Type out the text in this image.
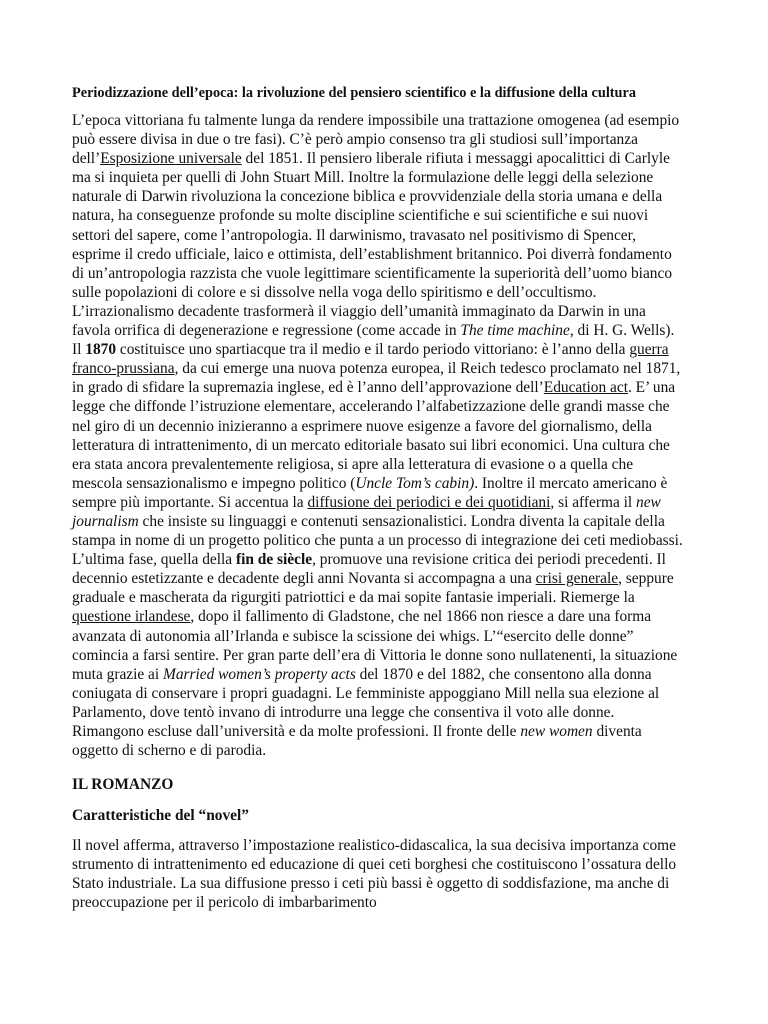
Periodizzazione dell’epoca: la rivoluzione del pensiero scientifico e la diffusione della cultura

L’epoca vittoriana fu talmente lunga da rendere impossibile una trattazione omogenea (ad esempio può essere divisa in due o tre fasi). C’è però ampio consenso tra gli studiosi sull’importanza dell’Esposizione universale del 1851. Il pensiero liberale rifiuta i messaggi apocalittici di Carlyle ma si inquieta per quelli di John Stuart Mill. Inoltre la formulazione delle leggi della selezione naturale di Darwin rivoluziona la concezione biblica e provvidenziale della storia umana e della natura, ha conseguenze profonde su molte discipline scientifiche e sui scientifiche e sui nuovi settori del sapere, come l’antropologia. Il darwinismo, travasato nel positivismo di Spencer, esprime il credo ufficiale, laico e ottimista, dell’establishment britannico. Poi diverrà fondamento di un’antropologia razzista che vuole legittimare scientificamente la superiorità dell’uomo bianco sulle popolazioni di colore e si dissolve nella voga dello spiritismo e dell’occultismo. L’irrazionalismo decadente trasformerà il viaggio dell’umanità immaginato da Darwin in una favola orrifica di degenerazione e regressione (come accade in The time machine, di H. G. Wells). Il 1870 costituisce uno spartiacque tra il medio e il tardo periodo vittoriano: è l’anno della guerra franco-prussiana, da cui emerge una nuova potenza europea, il Reich tedesco proclamato nel 1871, in grado di sfidare la supremazia inglese, ed è l’anno dell’approvazione dell’Education act. E’ una legge che diffonde l’istruzione elementare, accelerando l’alfabetizzazione delle grandi masse che nel giro di un decennio inizieranno a esprimere nuove esigenze a favore del giornalismo, della letteratura di intrattenimento, di un mercato editoriale basato sui libri economici. Una cultura che era stata ancora prevalentemente religiosa, si apre alla letteratura di evasione o a quella che mescola sensazionalismo e impegno politico (Uncle Tom’s cabin). Inoltre il mercato americano è sempre più importante. Si accentua la diffusione dei periodici e dei quotidiani, si afferma il new journalism che insiste su linguaggi e contenuti sensazionalistici. Londra diventa la capitale della stampa in nome di un progetto politico che punta a un processo di integrazione dei ceti mediobassi.

L’ultima fase, quella della fin de siècle, promuove una revisione critica dei periodi precedenti. Il decennio estetizzante e decadente degli anni Novanta si accompagna a una crisi generale, seppure graduale e mascherata da rigurgiti patriottici e da mai sopite fantasie imperiali. Riemerge la questione irlandese, dopo il fallimento di Gladstone, che nel 1866 non riesce a dare una forma avanzata di autonomia all’Irlanda e subisce la scissione dei whigs. L’“esercito delle donne” comincia a farsi sentire. Per gran parte dell’era di Vittoria le donne sono nullatenenti, la situazione muta grazie ai Married women’s property acts del 1870 e del 1882, che consentono alla donna coniugata di conservare i propri guadagni. Le femministe appoggiano Mill nella sua elezione al Parlamento, dove tentò invano di introdurre una legge che consentiva il voto alle donne. Rimangono escluse dall’università e da molte professioni. Il fronte delle new women diventa oggetto di scherno e di parodia.

IL ROMANZO

Caratteristiche del “novel”

Il novel afferma, attraverso l’impostazione realistico-didascalica, la sua decisiva importanza come strumento di intrattenimento ed educazione di quei ceti borghesi che costituiscono l’ossatura dello Stato industriale. La sua diffusione presso i ceti più bassi è oggetto di soddisfazione, ma anche di preoccupazione per il pericolo di imbarbarimento
